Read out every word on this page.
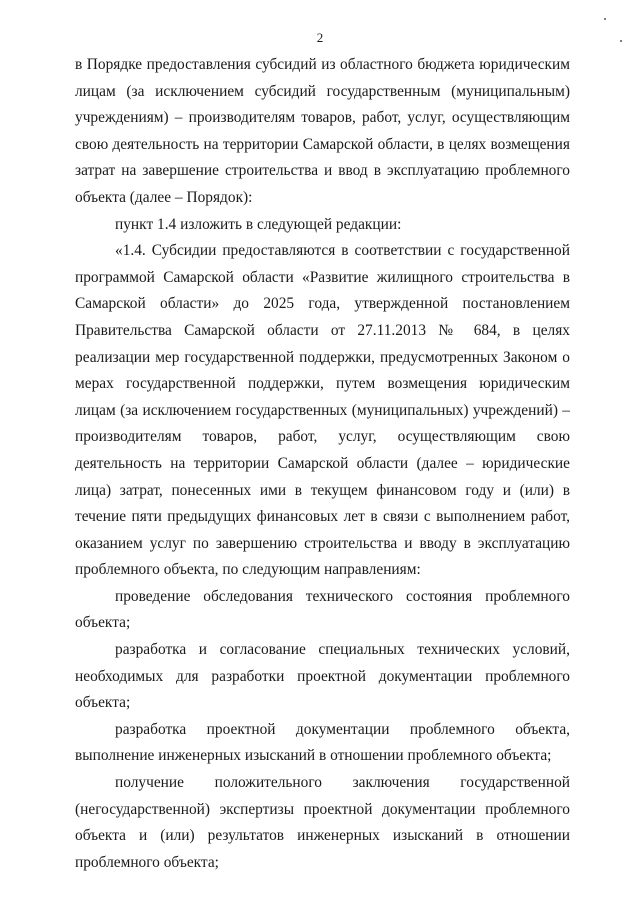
2

в Порядке предоставления субсидий из областного бюджета юридическим лицам (за исключением субсидий государственным (муниципальным) учреждениям) – производителям товаров, работ, услуг, осуществляющим свою деятельность на территории Самарской области, в целях возмещения затрат на завершение строительства и ввод в эксплуатацию проблемного объекта (далее – Порядок):

пункт 1.4 изложить в следующей редакции:

«1.4. Субсидии предоставляются в соответствии с государственной программой Самарской области «Развитие жилищного строительства в Самарской области» до 2025 года, утвержденной постановлением Правительства Самарской области от 27.11.2013 № 684, в целях реализации мер государственной поддержки, предусмотренных Законом о мерах государственной поддержки, путем возмещения юридическим лицам (за исключением государственных (муниципальных) учреждений) – производителям товаров, работ, услуг, осуществляющим свою деятельность на территории Самарской области (далее – юридические лица) затрат, понесенных ими в текущем финансовом году и (или) в течение пяти предыдущих финансовых лет в связи с выполнением работ, оказанием услуг по завершению строительства и вводу в эксплуатацию проблемного объекта, по следующим направлениям:

проведение обследования технического состояния проблемного объекта;

разработка и согласование специальных технических условий, необходимых для разработки проектной документации проблемного объекта;

разработка проектной документации проблемного объекта, выполнение инженерных изысканий в отношении проблемного объекта;

получение положительного заключения государственной (негосударственной) экспертизы проектной документации проблемного объекта и (или) результатов инженерных изысканий в отношении проблемного объекта;
